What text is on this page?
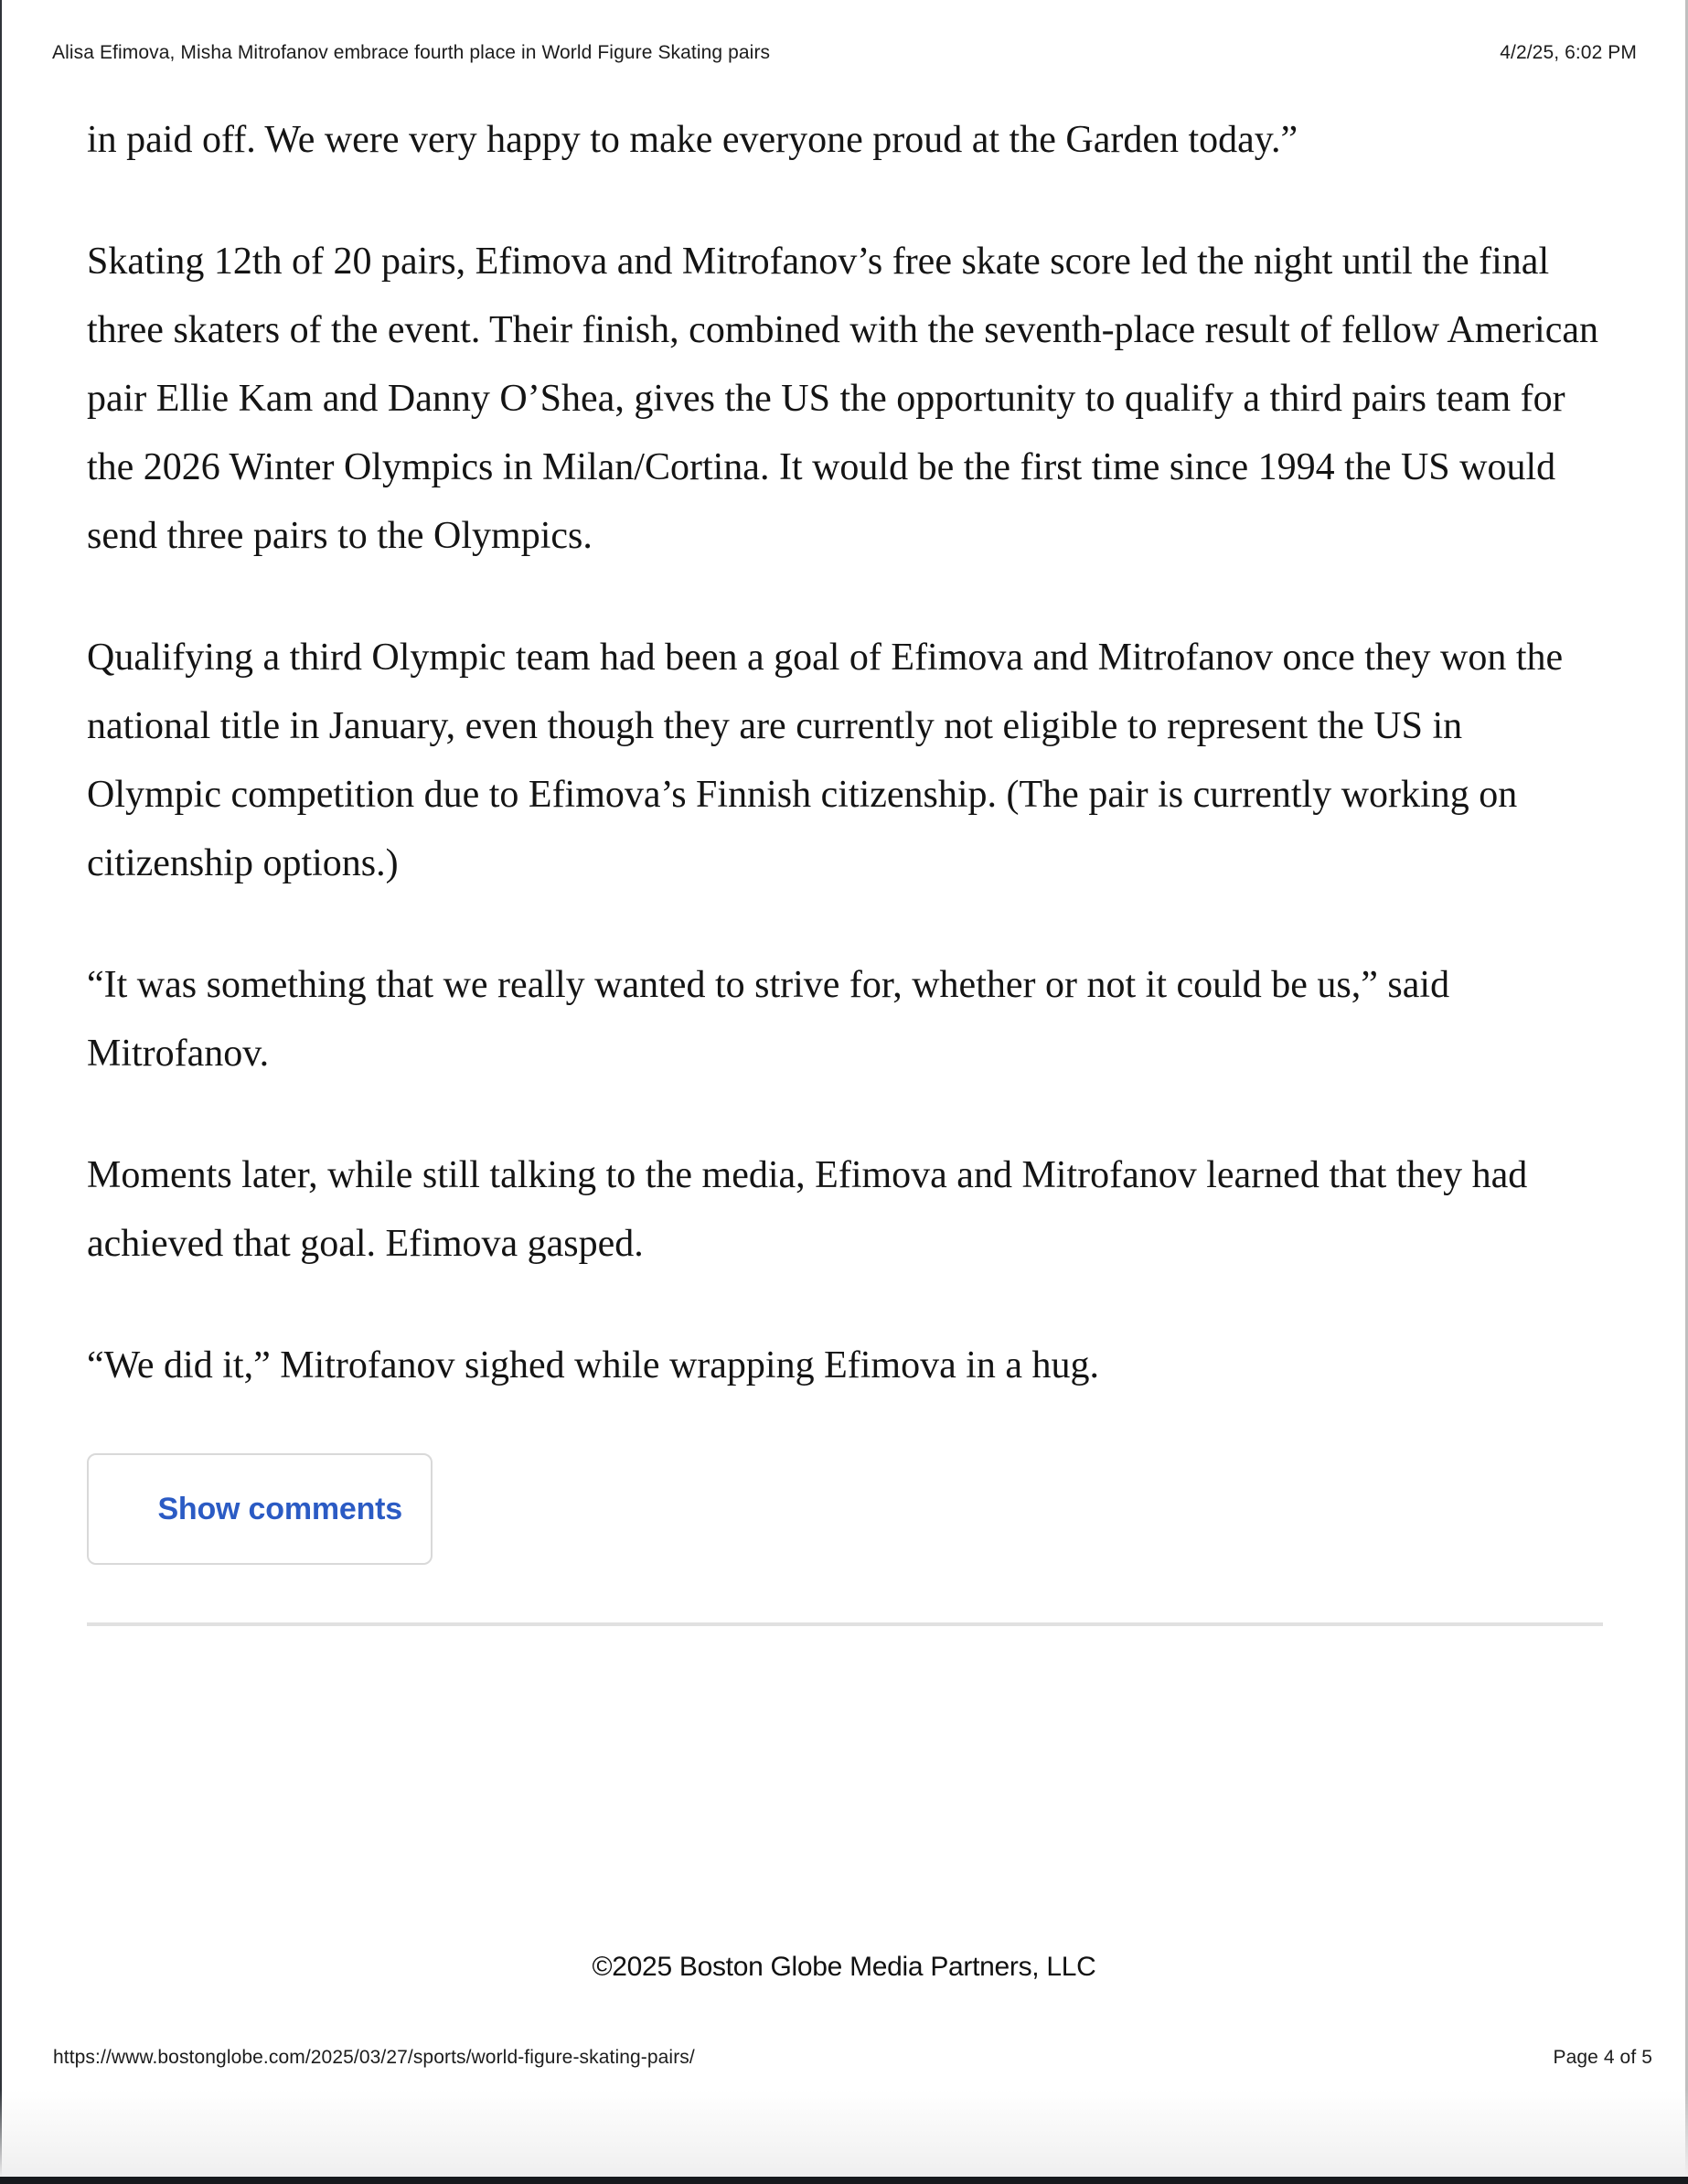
Alisa Efimova, Misha Mitrofanov embrace fourth place in World Figure Skating pairs	4/2/25, 6:02 PM

in paid off. We were very happy to make everyone proud at the Garden today.”

Skating 12th of 20 pairs, Efimova and Mitrofanov’s free skate score led the night until the final three skaters of the event. Their finish, combined with the seventh-place result of fellow American pair Ellie Kam and Danny O’Shea, gives the US the opportunity to qualify a third pairs team for the 2026 Winter Olympics in Milan/Cortina. It would be the first time since 1994 the US would send three pairs to the Olympics.

Qualifying a third Olympic team had been a goal of Efimova and Mitrofanov once they won the national title in January, even though they are currently not eligible to represent the US in Olympic competition due to Efimova’s Finnish citizenship. (The pair is currently working on citizenship options.)

“It was something that we really wanted to strive for, whether or not it could be us,” said Mitrofanov.

Moments later, while still talking to the media, Efimova and Mitrofanov learned that they had achieved that goal. Efimova gasped.

“We did it,” Mitrofanov sighed while wrapping Efimova in a hug.

Show comments
©2025 Boston Globe Media Partners, LLC
https://www.bostonglobe.com/2025/03/27/sports/world-figure-skating-pairs/	Page 4 of 5
